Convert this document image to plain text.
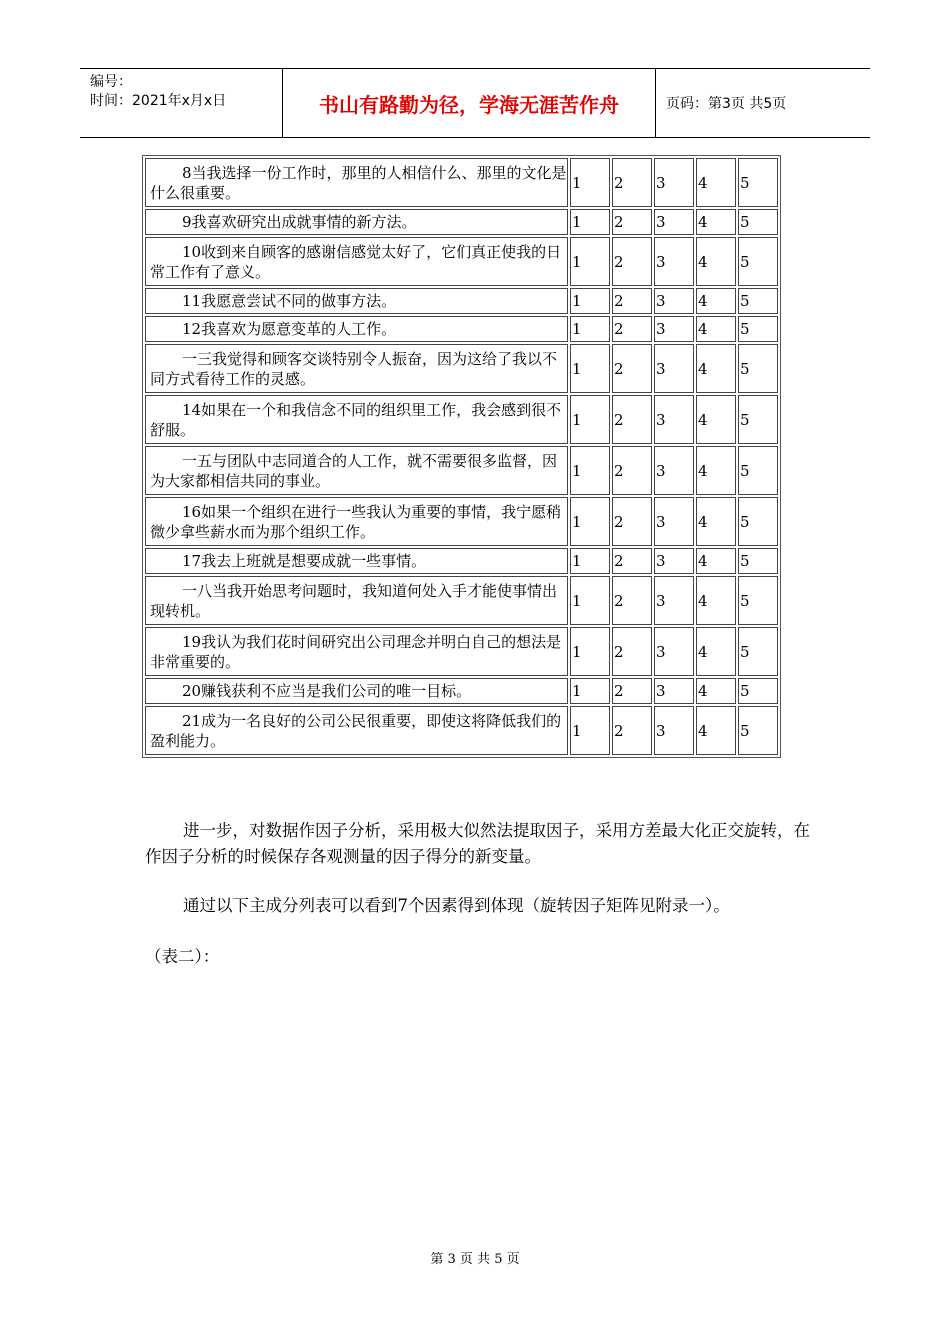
编号：
时间：2021年x月x日	书山有路勤为径，学海无涯苦作舟	页码：第3页 共5页
8当我选择一份工作时，那里的人相信什么、那里的文化是什么很重要。	1	2	3	4	5
9我喜欢研究出成就事情的新方法。	1	2	3	4	5
10收到来自顾客的感谢信感觉太好了，它们真正使我的日常工作有了意义。	1	2	3	4	5
11我愿意尝试不同的做事方法。	1	2	3	4	5
12我喜欢为愿意变革的人工作。	1	2	3	4	5
一三我觉得和顾客交谈特别令人振奋，因为这给了我以不同方式看待工作的灵感。	1	2	3	4	5
14如果在一个和我信念不同的组织里工作，我会感到很不舒服。	1	2	3	4	5
一五与团队中志同道合的人工作，就不需要很多监督，因为大家都相信共同的事业。	1	2	3	4	5
16如果一个组织在进行一些我认为重要的事情，我宁愿稍微少拿些薪水而为那个组织工作。	1	2	3	4	5
17我去上班就是想要成就一些事情。	1	2	3	4	5
一八当我开始思考问题时，我知道何处入手才能使事情出现转机。	1	2	3	4	5
19我认为我们花时间研究出公司理念并明白自己的想法是非常重要的。	1	2	3	4	5
20赚钱获利不应当是我们公司的唯一目标。	1	2	3	4	5
21成为一名良好的公司公民很重要，即使这将降低我们的盈利能力。	1	2	3	4	5
进一步，对数据作因子分析，采用极大似然法提取因子，采用方差最大化正交旋转，在作因子分析的时候保存各观测量的因子得分的新变量。
通过以下主成分列表可以看到7个因素得到体现（旋转因子矩阵见附录一）。
（表二）：
第 3 页 共 5 页
